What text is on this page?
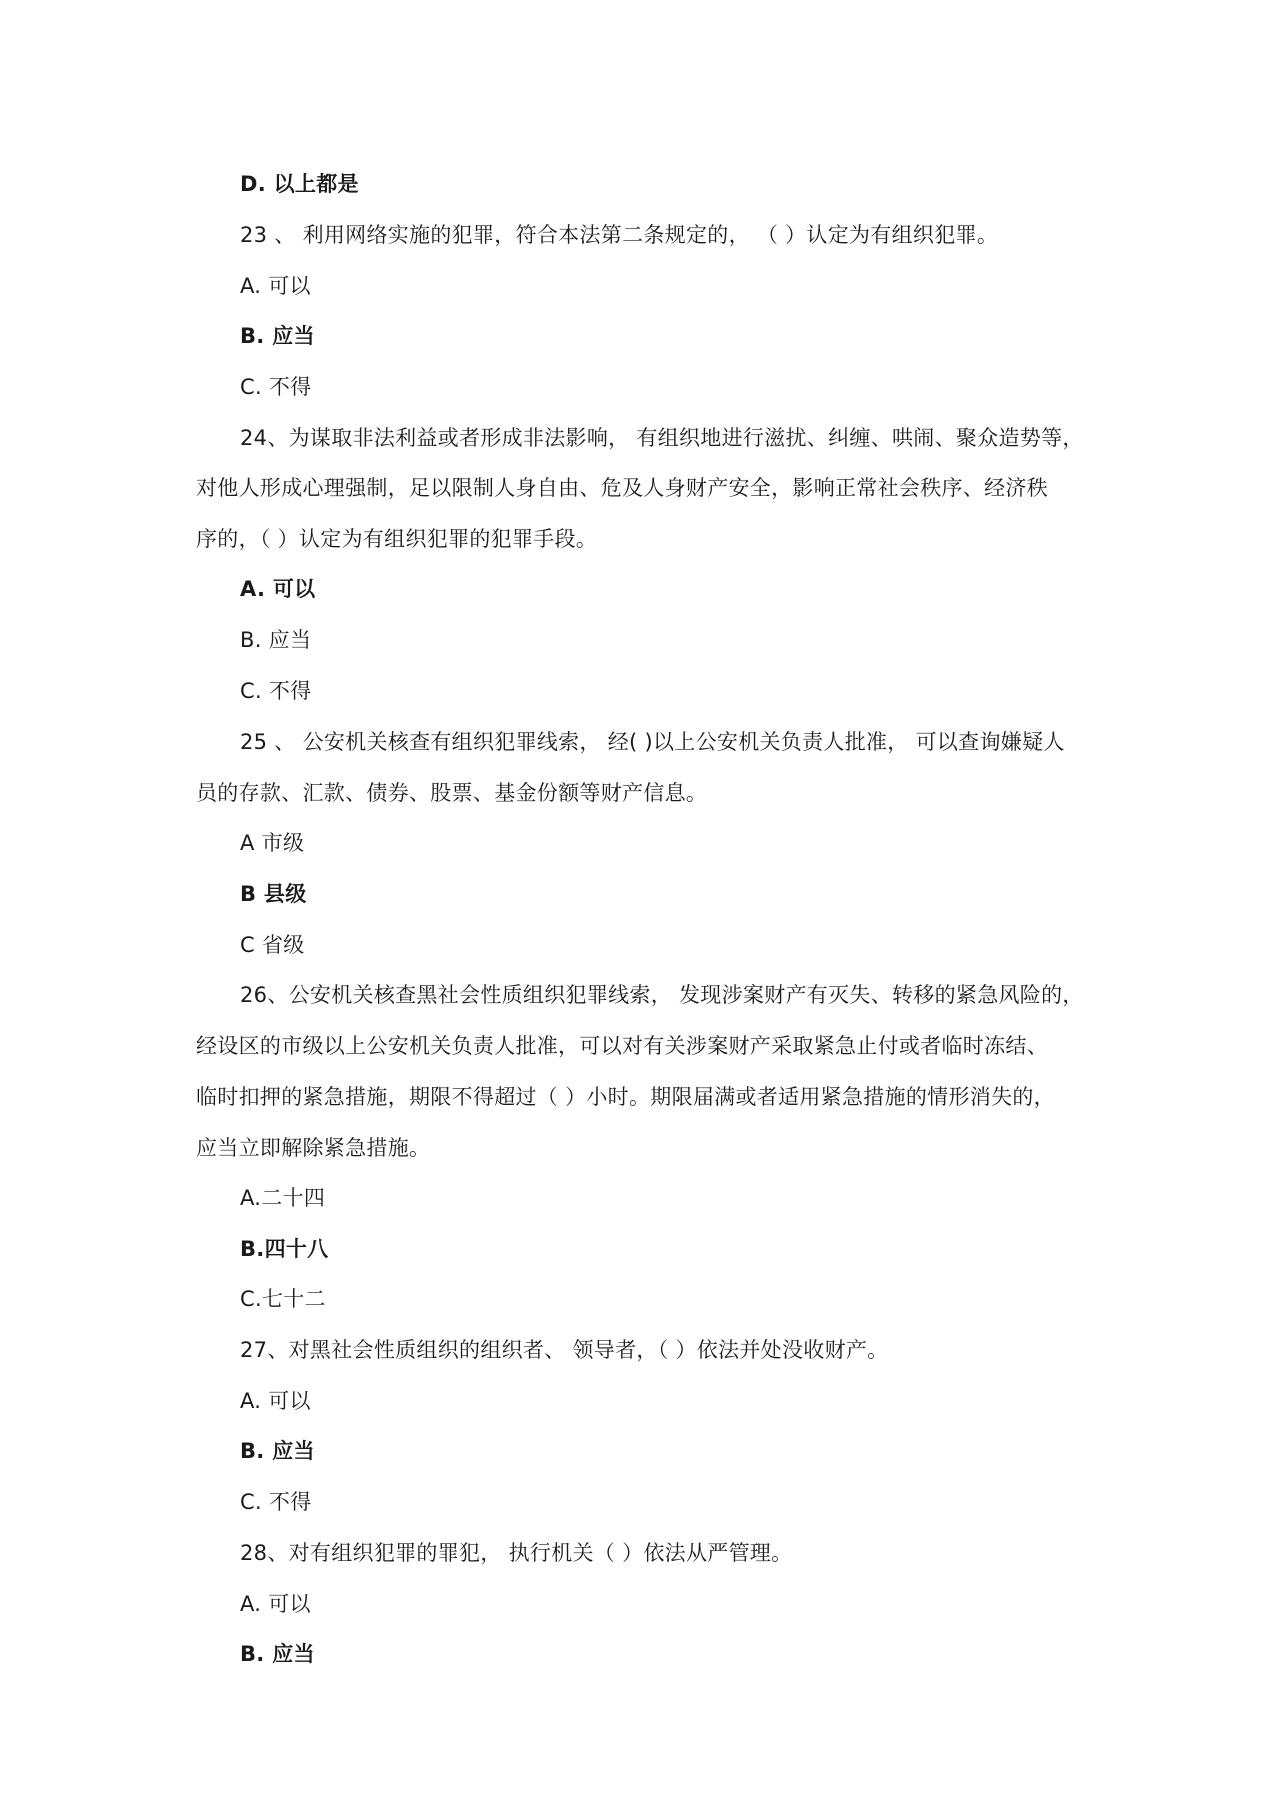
D. 以上都是
23 、 利用网络实施的犯罪，符合本法第二条规定的， （ ）认定为有组织犯罪。
A. 可以
B. 应当
C. 不得
24、为谋取非法利益或者形成非法影响， 有组织地进行滋扰、纠缠、哄闹、聚众造势等，
对他人形成心理强制，足以限制人身自由、危及人身财产安全，影响正常社会秩序、经济秩
序的，（ ）认定为有组织犯罪的犯罪手段。
A. 可以
B. 应当
C. 不得
25 、 公安机关核查有组织犯罪线索， 经( )以上公安机关负责人批准， 可以查询嫌疑人
员的存款、汇款、债券、股票、基金份额等财产信息。
A 市级
B 县级
C 省级
26、公安机关核查黑社会性质组织犯罪线索， 发现涉案财产有灭失、转移的紧急风险的，
经设区的市级以上公安机关负责人批准，可以对有关涉案财产采取紧急止付或者临时冻结、
临时扣押的紧急措施，期限不得超过（ ）小时。期限届满或者适用紧急措施的情形消失的，
应当立即解除紧急措施。
A.二十四
B.四十八
C.七十二
27、对黑社会性质组织的组织者、 领导者，（ ）依法并处没收财产。
A. 可以
B. 应当
C. 不得
28、对有组织犯罪的罪犯， 执行机关（ ）依法从严管理。
A. 可以
B. 应当
